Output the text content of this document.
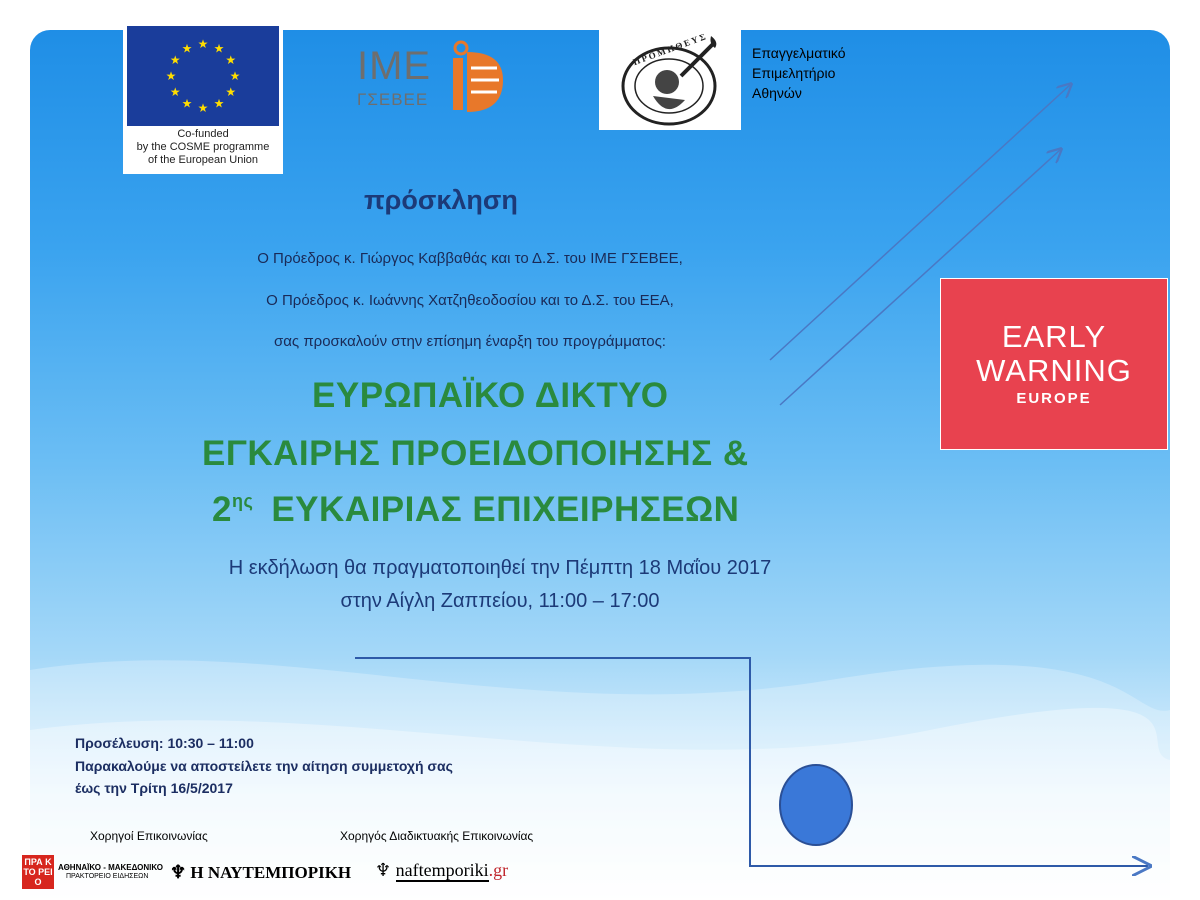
★ ★
★
★
★
★
★
★
★
★
★
★
Co-funded
by the COSME programme
of the European Union
IME
ΓΣΕΒΕΕ
ΠΡΟΜΗΘΕΥΣ	Επαγγελματικό
Επιμελητήριο
Αθηνών
πρόσκληση
Ο Πρόεδρος κ. Γιώργος Καββαθάς και το Δ.Σ. του ΙΜΕ ΓΣΕΒΕΕ,
Ο Πρόεδρος κ. Ιωάννης Χατζηθεοδοσίου και το Δ.Σ. του ΕΕΑ,
σας προσκαλούν στην επίσημη έναρξη του προγράμματος:
ΕΥΡΩΠΑΪΚΟ ΔΙΚΤΥΟ
ΕΓΚΑΙΡΗΣ ΠΡΟΕΙΔΟΠΟΙΗΣΗΣ &
$2^{\eta\varsigma}$ ΕΥΚΑΙΡΙΑΣ ΕΠΙΧΕΙΡΗΣΕΩΝ
Η εκδήλωση θα πραγματοποιηθεί την Πέμπτη 18 Μαΐου 2017
στην Αίγλη Ζαππείου, 11:00 – 17:00
EARLY
WARNING
EUROPE
Προσέλευση: 10:30 – 11:00
Παρακαλούμε να αποστείλετε την αίτηση συμμετοχή σας
έως την Τρίτη 16/5/2017
Χορηγοί Επικοινωνίας	Χορηγός Διαδικτυακής Επικοινωνίας
ΠΡΑ ΚΤΟ ΡΕΙΟ
ΑΘΗΝΑΪΚΟ - ΜΑΚΕΔΟΝΙΚΟ
ΠΡΑΚΤΟΡΕΙΟ ΕΙΔΗΣΕΩΝ ♆ Η ΝΑΥΤΕΜΠΟΡΙΚΗ ♆ naftemporiki.gr
